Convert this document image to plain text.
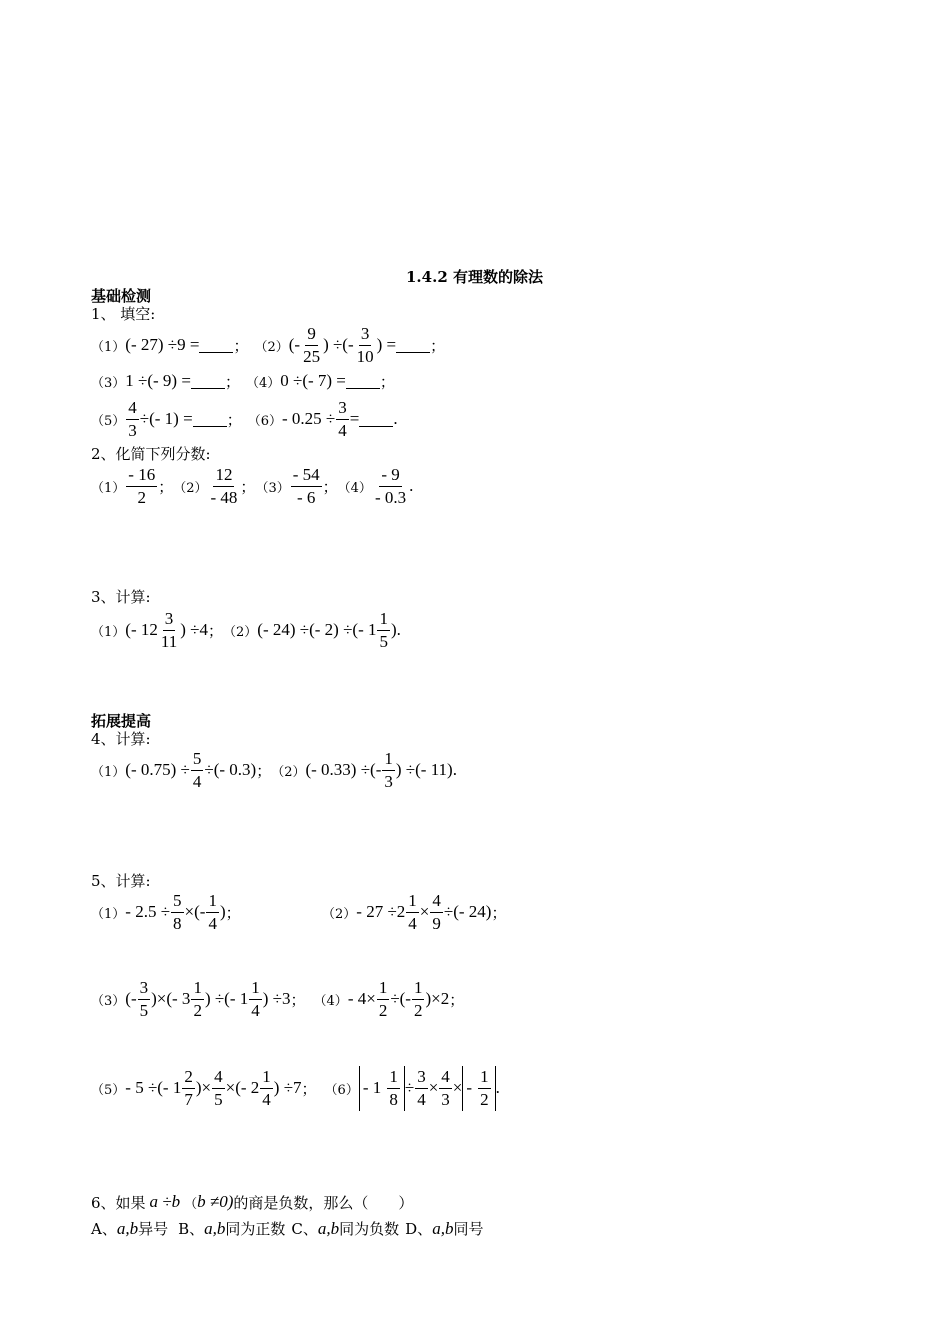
1.4.2 有理数的除法
基础检测
1、 填空:
（1） (- 27) ÷9 = ； （2） (- $\frac{9}{25}$ ) ÷(- $\frac{3}{10}$ ) = ；
（3） 1 ÷(- 9) = ； （4） 0 ÷(- 7) = ；
$(5) \frac{4}{3}$ ÷(- 1) = ； $(6) - 0.25 \div \frac{3}{4}$ = .
2、化简下列分数:
$(1) \frac{- 16}{2}$ ； $(2) \frac{12}{- 48}$ ； $(3) \frac{- 54}{- 6}$ ； $(4) \frac{- 9}{- 0.3}$ .
3、计算:
（1） (- $12 \frac{3}{11}$ ) ÷4 ； （2） (- 24) ÷(- 2) ÷(- $1 \frac{1}{5}$ ) .
拓展提高
4、计算:
（1） (- $0.75) \div \frac{5}{4}$ ÷(- 0.3) ； （2） (- 0.33) ÷(- $\frac{1}{3}$ ) ÷(- 11) .
5、计算:
$(1) - 2.5 \div \frac{5}{8}$ ×(- $\frac{1}{4}$ ) ；	$(2) - 27 \div 2 \frac{1}{4} \times \frac{4}{9}$ ÷(- 24) ；
（3） (- $\frac{3}{5}$ )×(- $3 \frac{1}{2}$ ) ÷(- $1 \frac{1}{4}$ ) ÷3 ； $(4) - 4\times \frac{1}{2}$ ÷(- $\frac{1}{2} )\times 2$ ；
（5） - 5 ÷(- $1 \frac{2}{7}$ )× $\frac{4}{5}$ ×(- $2 \frac{1}{4}$ ) ÷7 ； $(6) - 1 \frac{1}{8} \div \frac{3}{4} \times \frac{4}{3}$ × - $\frac{1}{2}$ .
6、如果 a ÷b （ b ≠0) 的商是负数，那么（　　）
A、a,b异号 B、a,b同为正数 C、a,b同为负数 D、a,b同号
